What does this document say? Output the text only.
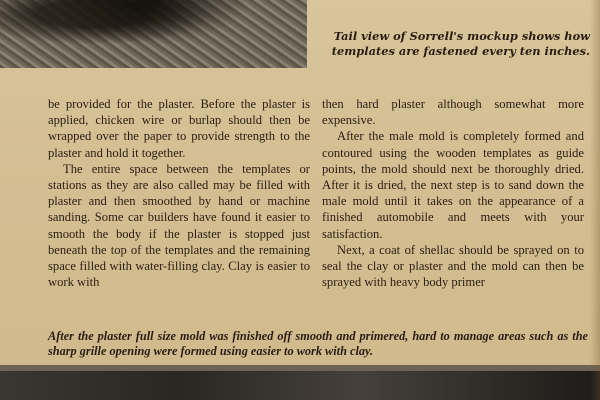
Tail view of Sorrell's mockup shows how templates are fastened every ten inches.

be provided for the plaster. Before the plaster is applied, chicken wire or burlap should then be wrapped over the paper to provide strength to the plaster and hold it together.

The entire space between the templates or stations as they are also called may be filled with plaster and then smoothed by hand or machine sanding. Some car builders have found it easier to smooth the body if the plaster is stopped just beneath the top of the templates and the remaining space filled with water-filling clay. Clay is easier to work with

then hard plaster although somewhat more expensive.

After the male mold is completely formed and contoured using the wooden templates as guide points, the mold should next be thoroughly dried. After it is dried, the next step is to sand down the male mold until it takes on the appearance of a finished automobile and meets with your satisfaction.

Next, a coat of shellac should be sprayed on to seal the clay or plaster and the mold can then be sprayed with heavy body primer

After the plaster full size mold was finished off smooth and primered, hard to manage areas such as the sharp grille opening were formed using easier to work with clay.
